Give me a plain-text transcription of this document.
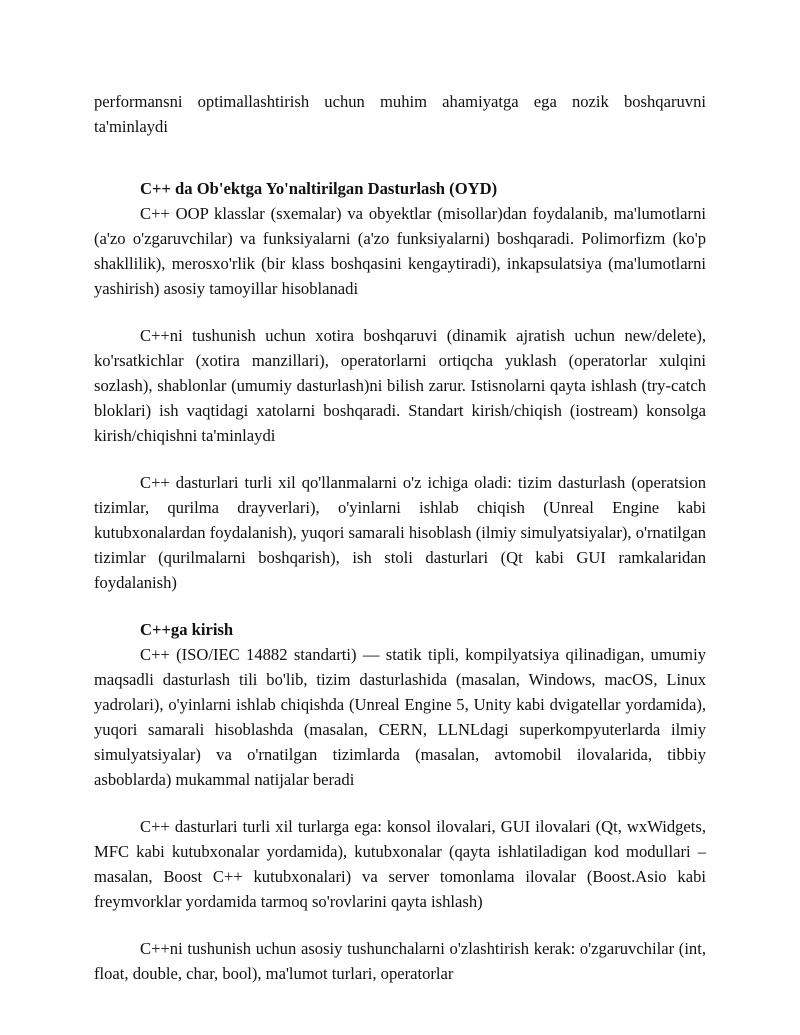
performansni optimallashtirish uchun muhim ahamiyatga ega nozik boshqaruvni ta'minlaydi

C++ da Ob'ektga Yo'naltirilgan Dasturlash (OYD)

C++ OOP klasslar (sxemalar) va obyektlar (misollar)dan foydalanib, ma'lumotlarni (a'zo o'zgaruvchilar) va funksiyalarni (a'zo funksiyalarni) boshqaradi. Polimorfizm (ko'p shakllilik), merosxo'rlik (bir klass boshqasini kengaytiradi), inkapsulatsiya (ma'lumotlarni yashirish) asosiy tamoyillar hisoblanadi

C++ni tushunish uchun xotira boshqaruvi (dinamik ajratish uchun new/delete), ko'rsatkichlar (xotira manzillari), operatorlarni ortiqcha yuklash (operatorlar xulqini sozlash), shablonlar (umumiy dasturlash)ni bilish zarur. Istisnolarni qayta ishlash (try-catch bloklari) ish vaqtidagi xatolarni boshqaradi. Standart kirish/chiqish (iostream) konsolga kirish/chiqishni ta'minlaydi

C++ dasturlari turli xil qo'llanmalarni o'z ichiga oladi: tizim dasturlash (operatsion tizimlar, qurilma drayverlari), o'yinlarni ishlab chiqish (Unreal Engine kabi kutubxonalardan foydalanish), yuqori samarali hisoblash (ilmiy simulyatsiyalar), o'rnatilgan tizimlar (qurilmalarni boshqarish), ish stoli dasturlari (Qt kabi GUI ramkalaridan foydalanish)

C++ga kirish

C++ (ISO/IEC 14882 standarti) — statik tipli, kompilyatsiya qilinadigan, umumiy maqsadli dasturlash tili bo'lib, tizim dasturlashida (masalan, Windows, macOS, Linux yadrolari), o'yinlarni ishlab chiqishda (Unreal Engine 5, Unity kabi dvigatellar yordamida), yuqori samarali hisoblashda (masalan, CERN, LLNLdagi superkompyuterlarda ilmiy simulyatsiyalar) va o'rnatilgan tizimlarda (masalan, avtomobil ilovalarida, tibbiy asboblarda) mukammal natijalar beradi

C++ dasturlari turli xil turlarga ega: konsol ilovalari, GUI ilovalari (Qt, wxWidgets, MFC kabi kutubxonalar yordamida), kutubxonalar (qayta ishlatiladigan kod modullari – masalan, Boost C++ kutubxonalari) va server tomonlama ilovalar (Boost.Asio kabi freymvorklar yordamida tarmoq so'rovlarini qayta ishlash)

C++ni tushunish uchun asosiy tushunchalarni o'zlashtirish kerak: o'zgaruvchilar (int, float, double, char, bool), ma'lumot turlari, operatorlar
